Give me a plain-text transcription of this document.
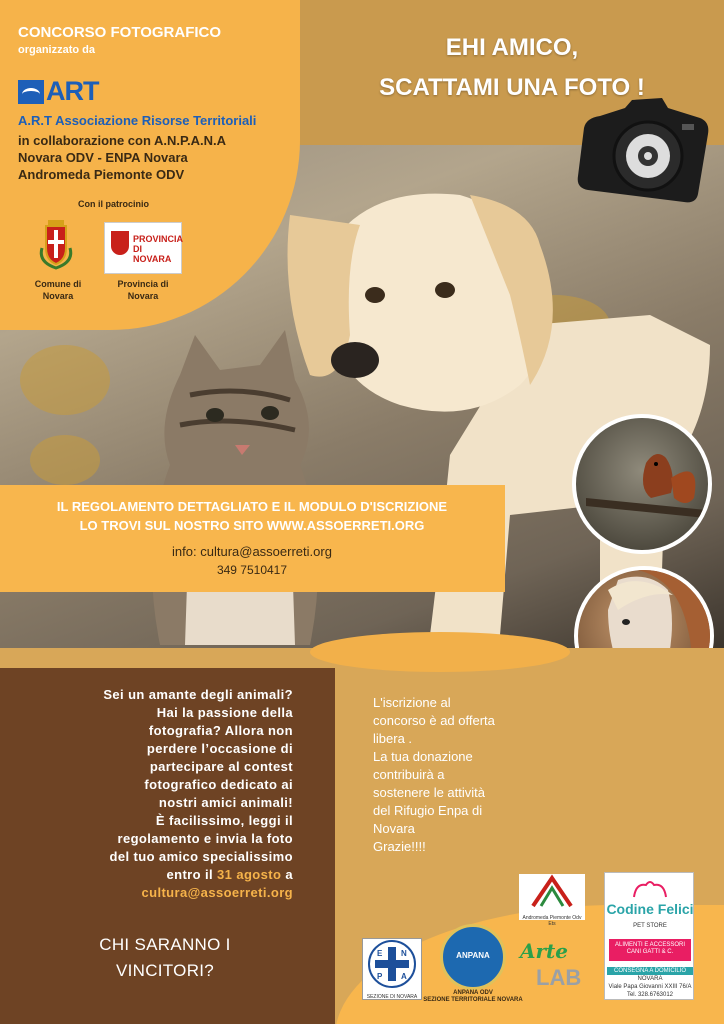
CONCORSO FOTOGRAFICO
organizzato da
ART
A.R.T Associazione Risorse Territoriali
in collaborazione con A.N.P.A.N.A
Novara ODV - ENPA Novara
Andromeda Piemonte ODV
Con il patrocinio
PROVINCIA
DI NOVARA
Comune di
Novara
Provincia di
Novara
EHI AMICO,
SCATTAMI UNA FOTO !
IL REGOLAMENTO DETTAGLIATO E IL MODULO D'ISCRIZIONE
LO TROVI SUL NOSTRO SITO WWW.ASSOERRETI.ORG
info: cultura@assoerreti.org
349 7510417
Sei un amante degli animali?
Hai la passione della
fotografia? Allora non
perdere l’occasione di
partecipare al contest
fotografico dedicato ai
nostri amici animali!
È facilissimo, leggi il
regolamento e invia la foto
del tuo amico specialissimo
entro il 31 agosto a
cultura@assoerreti.org
CHI SARANNO I
VINCITORI?
L'iscrizione al
concorso è ad offerta
libera .
La tua donazione
contribuirà a
sostenere le attività
del Rifugio Enpa di
Novara
Grazie!!!!
Andromeda Piemonte Odv Ets
E N
P A
SEZIONE DI NOVARA
ANPANA
ANPANA ODV
SEZIONE TERRITORIALE NOVARA
Arte
LAB
Codine Felici
PET STORE
ALIMENTI E ACCESSORI
CANI GATTI & C.
CONSEGNA A DOMICILIO
NOVARA
Viale Papa Giovanni XXIII 76/A
Tel. 328.6763012
